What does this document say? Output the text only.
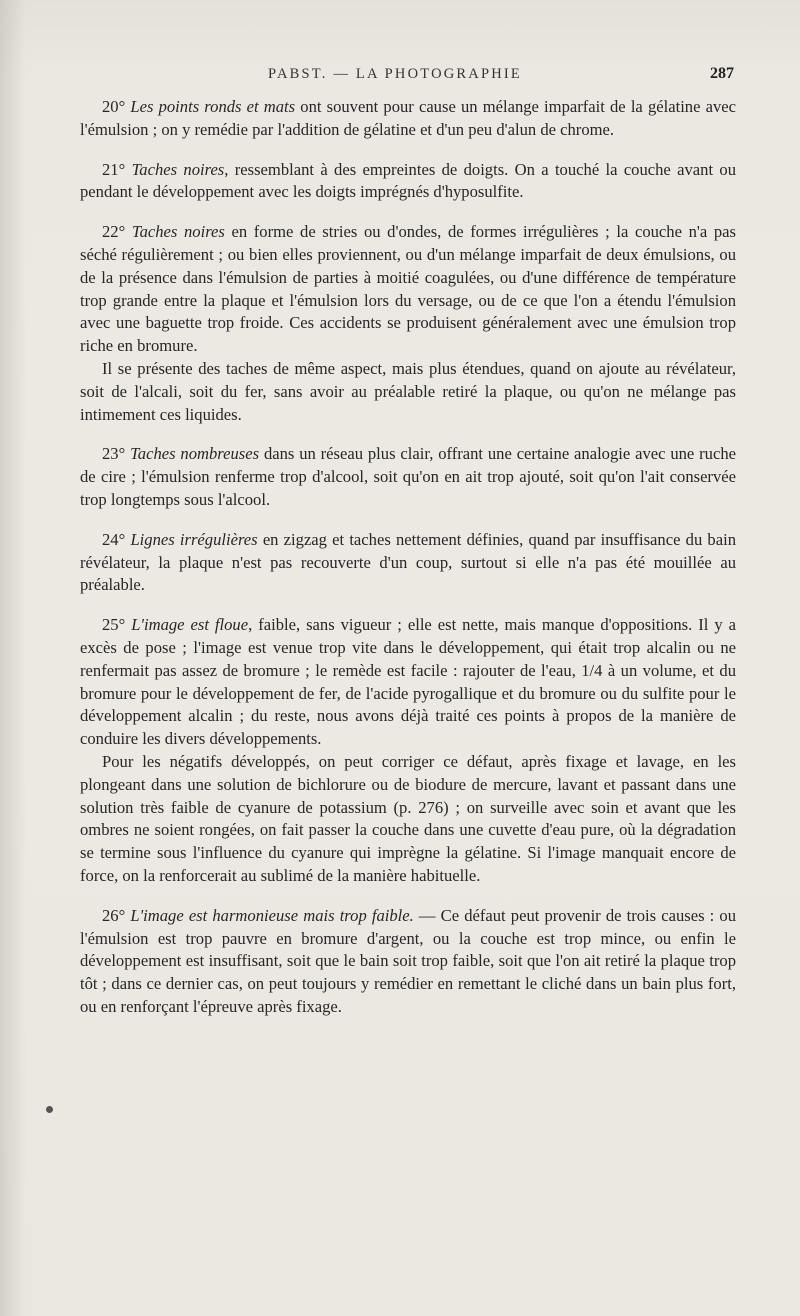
PABST. — LA PHOTOGRAPHIE	287

20° Les points ronds et mats ont souvent pour cause un mélange imparfait de la gélatine avec l'émulsion ; on y remédie par l'addition de gélatine et d'un peu d'alun de chrome.

21° Taches noires, ressemblant à des empreintes de doigts. On a touché la couche avant ou pendant le développement avec les doigts imprégnés d'hyposulfite.

22° Taches noires en forme de stries ou d'ondes, de formes irrégulières ; la couche n'a pas séché régulièrement ; ou bien elles proviennent, ou d'un mélange imparfait de deux émulsions, ou de la présence dans l'émulsion de parties à moitié coagulées, ou d'une différence de température trop grande entre la plaque et l'émulsion lors du versage, ou de ce que l'on a étendu l'émulsion avec une baguette trop froide. Ces accidents se produisent généralement avec une émulsion trop riche en bromure.

Il se présente des taches de même aspect, mais plus étendues, quand on ajoute au révélateur, soit de l'alcali, soit du fer, sans avoir au préalable retiré la plaque, ou qu'on ne mélange pas intimement ces liquides.

23° Taches nombreuses dans un réseau plus clair, offrant une certaine analogie avec une ruche de cire ; l'émulsion renferme trop d'alcool, soit qu'on en ait trop ajouté, soit qu'on l'ait conservée trop longtemps sous l'alcool.

24° Lignes irrégulières en zigzag et taches nettement définies, quand par insuffisance du bain révélateur, la plaque n'est pas recouverte d'un coup, surtout si elle n'a pas été mouillée au préalable.

25° L'image est floue, faible, sans vigueur ; elle est nette, mais manque d'oppositions. Il y a excès de pose ; l'image est venue trop vite dans le développement, qui était trop alcalin ou ne renfermait pas assez de bromure ; le remède est facile : rajouter de l'eau, 1/4 à un volume, et du bromure pour le développement de fer, de l'acide pyrogallique et du bromure ou du sulfite pour le développement alcalin ; du reste, nous avons déjà traité ces points à propos de la manière de conduire les divers développements.

Pour les négatifs développés, on peut corriger ce défaut, après fixage et lavage, en les plongeant dans une solution de bichlorure ou de biodure de mercure, lavant et passant dans une solution très faible de cyanure de potassium (p. 276) ; on surveille avec soin et avant que les ombres ne soient rongées, on fait passer la couche dans une cuvette d'eau pure, où la dégradation se termine sous l'influence du cyanure qui imprègne la gélatine. Si l'image manquait encore de force, on la renforcerait au sublimé de la manière habituelle.

26° L'image est harmonieuse mais trop faible. — Ce défaut peut provenir de trois causes : ou l'émulsion est trop pauvre en bromure d'argent, ou la couche est trop mince, ou enfin le développement est insuffisant, soit que le bain soit trop faible, soit que l'on ait retiré la plaque trop tôt ; dans ce dernier cas, on peut toujours y remédier en remettant le cliché dans un bain plus fort, ou en renforçant l'épreuve après fixage.
